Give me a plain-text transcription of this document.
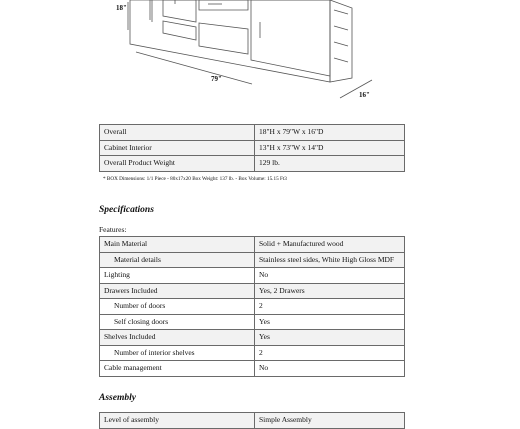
18"
79"
16"
Overall	18"H x 79"W x 16"D
Cabinet Interior	13"H x 73"W x 14"D
Overall Product Weight	129 lb.
* BOX Dimensions: 1/1 Piece - 80x17x20 Box Weight: 137 lb. - Box Volume: 15.15 Ft3
Specifications
Features:
Main Material	Solid + Manufactured wood
Material details	Stainless steel sides, White High Gloss MDF
Lighting	No
Drawers Included	Yes, 2 Drawers
Number of doors	2
Self closing doors	Yes
Shelves Included	Yes
Number of interior shelves	2
Cable management	No
Assembly
Level of assembly	Simple Assembly
